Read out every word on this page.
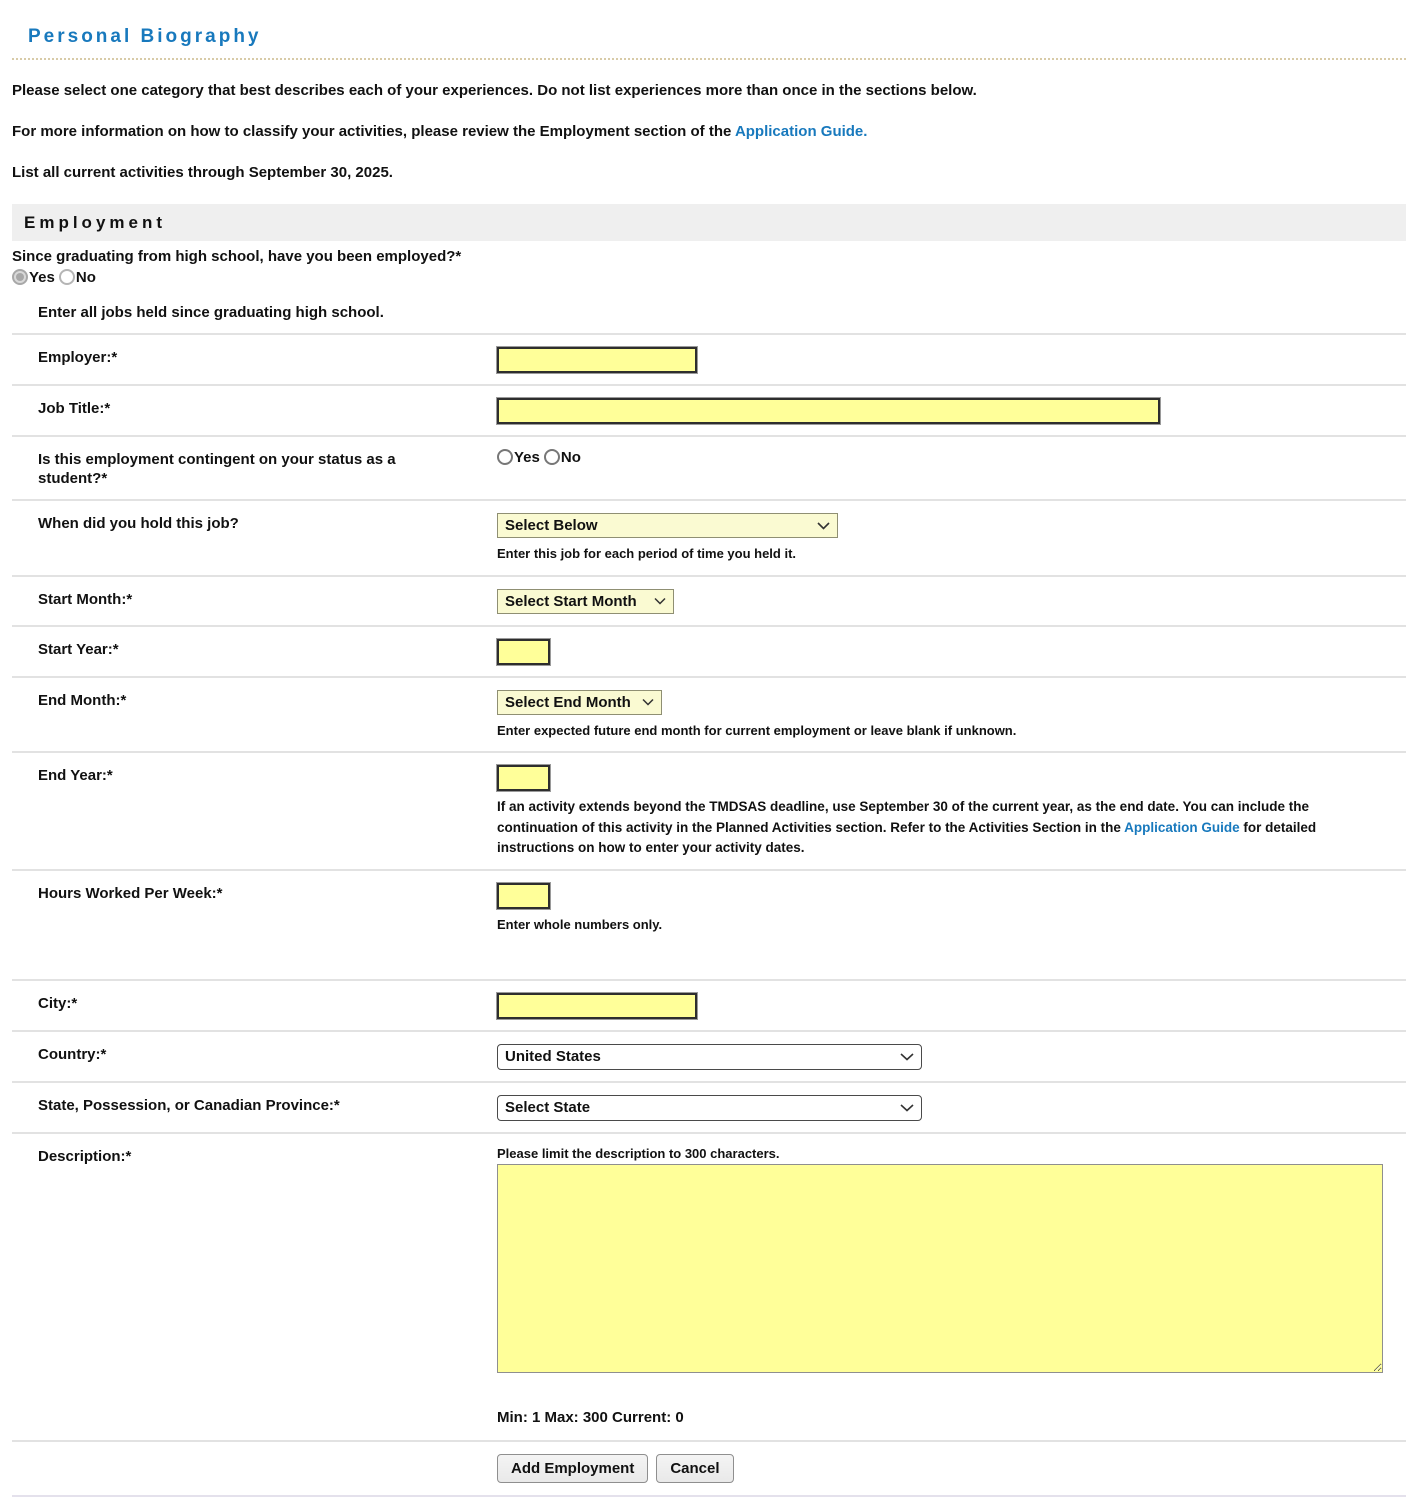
Personal Biography

Please select one category that best describes each of your experiences. Do not list experiences more than once in the sections below.

For more information on how to classify your activities, please review the Employment section of the Application Guide.

List all current activities through September 30, 2025.

Employment
Since graduating from high school, have you been employed?*
Yes No
Enter all jobs held since graduating high school.
Employer:*
Job Title:*
Is this employment contingent on your status as a student?*
Yes No
When did you hold this job?
Select Below
Enter this job for each period of time you held it.
Start Month:*
Select Start Month
Start Year:*
End Month:*
Select End Month
Enter expected future end month for current employment or leave blank if unknown.
End Year:*
If an activity extends beyond the TMDSAS deadline, use September 30 of the current year, as the end date. You can include the continuation of this activity in the Planned Activities section. Refer to the Activities Section in the Application Guide for detailed instructions on how to enter your activity dates.
Hours Worked Per Week:*
Enter whole numbers only.
City:*
Country:*
United States
State, Possession, or Canadian Province:*
Select State
Description:*	Please limit the description to 300 characters.
Min: 1 Max: 300 Current: 0
Add Employment	Cancel
